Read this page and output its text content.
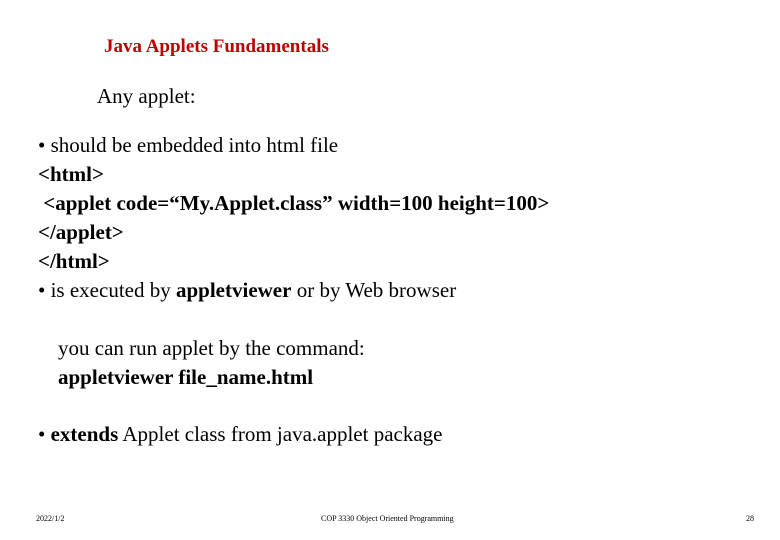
Java Applets Fundamentals
Any applet:
• should be embedded into html file
<html>
<applet code=“My.Applet.class” width=100 height=100>
</applet>
</html>
• is executed by appletviewer or by Web browser
you can run applet by the command:
appletviewer file_name.html
• extends Applet class from java.applet package
2022/1/2	COP 3330 Object Oriented Programming	28
